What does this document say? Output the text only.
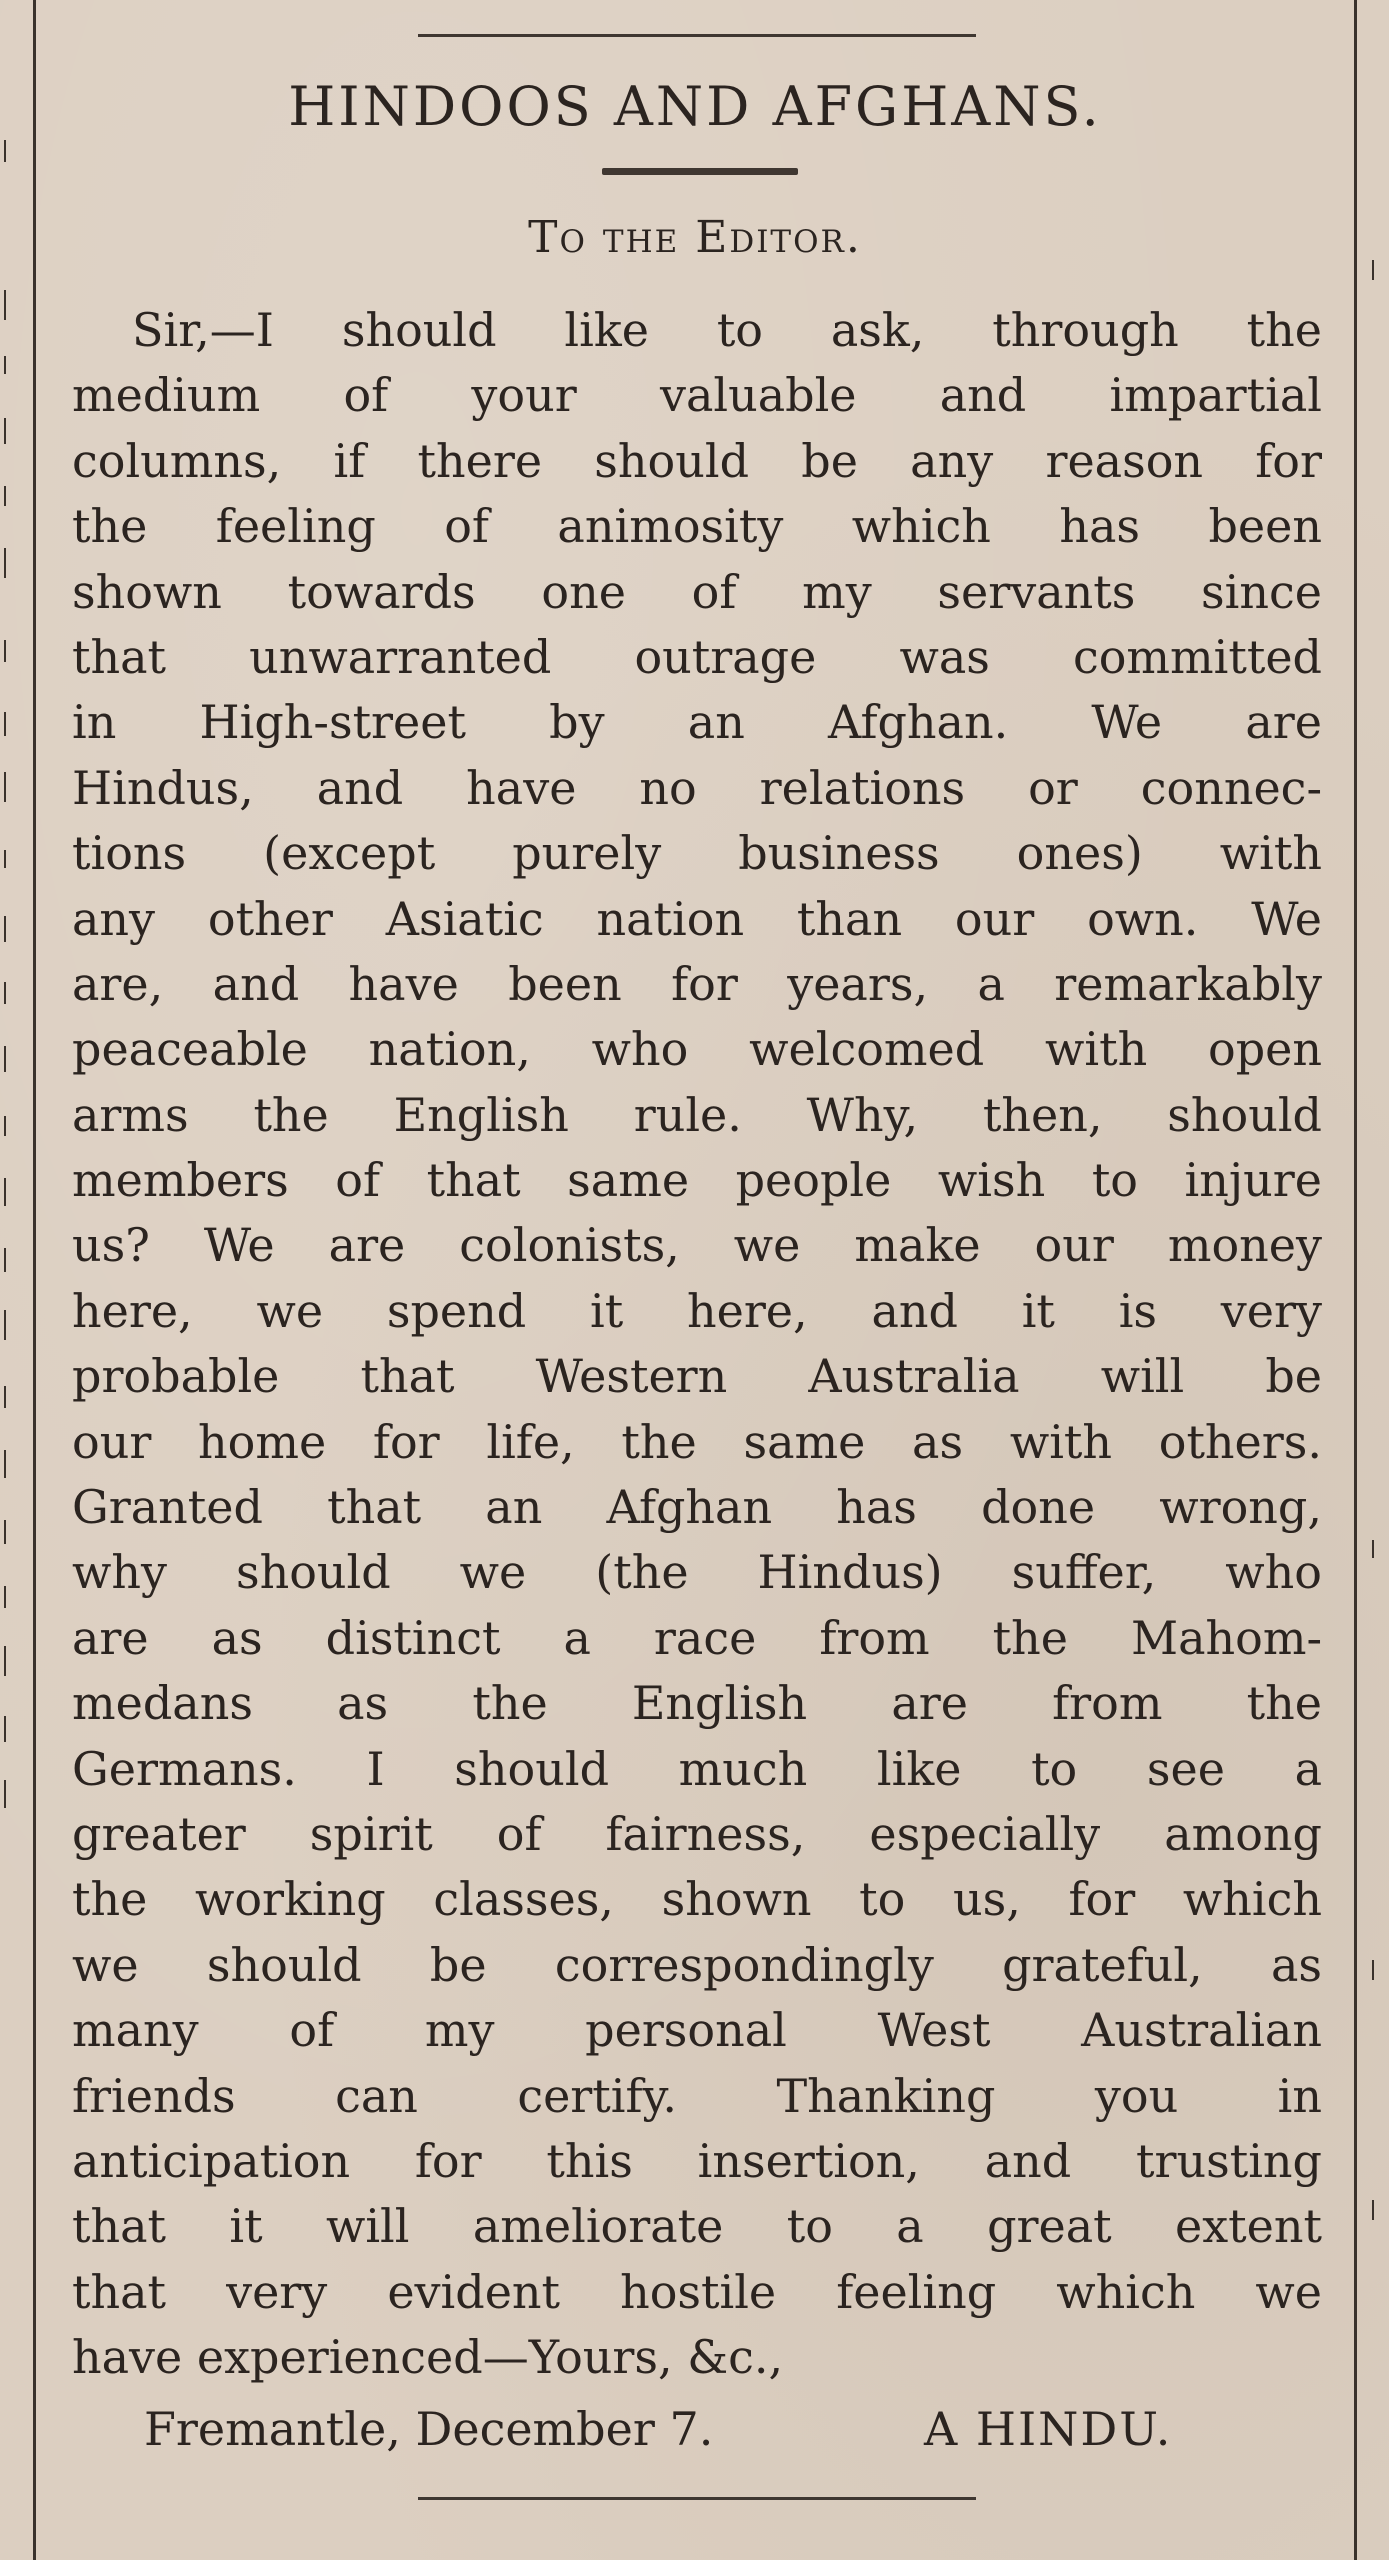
HINDOOS AND AFGHANS.
To the Editor.
Sir,—I should like to ask, through the
medium of your valuable and impartial
columns, if there should be any reason for
the feeling of animosity which has been
shown towards one of my servants since
that unwarranted outrage was committed
in High-street by an Afghan. We are
Hindus, and have no relations or connec-
tions (except purely business ones) with
any other Asiatic nation than our own. We
are, and have been for years, a remarkably
peaceable nation, who welcomed with open
arms the English rule. Why, then, should
members of that same people wish to injure
us? We are colonists, we make our money
here, we spend it here, and it is very
probable that Western Australia will be
our home for life, the same as with others.
Granted that an Afghan has done wrong,
why should we (the Hindus) suffer, who
are as distinct a race from the Mahom-
medans as the English are from the
Germans. I should much like to see a
greater spirit of fairness, especially among
the working classes, shown to us, for which
we should be correspondingly grateful, as
many of my personal West Australian
friends can certify. Thanking you in
anticipation for this insertion, and trusting
that it will ameliorate to a great extent
that very evident hostile feeling which we
have experienced—Yours, &c.,
Fremantle, December 7.	A HINDU.
